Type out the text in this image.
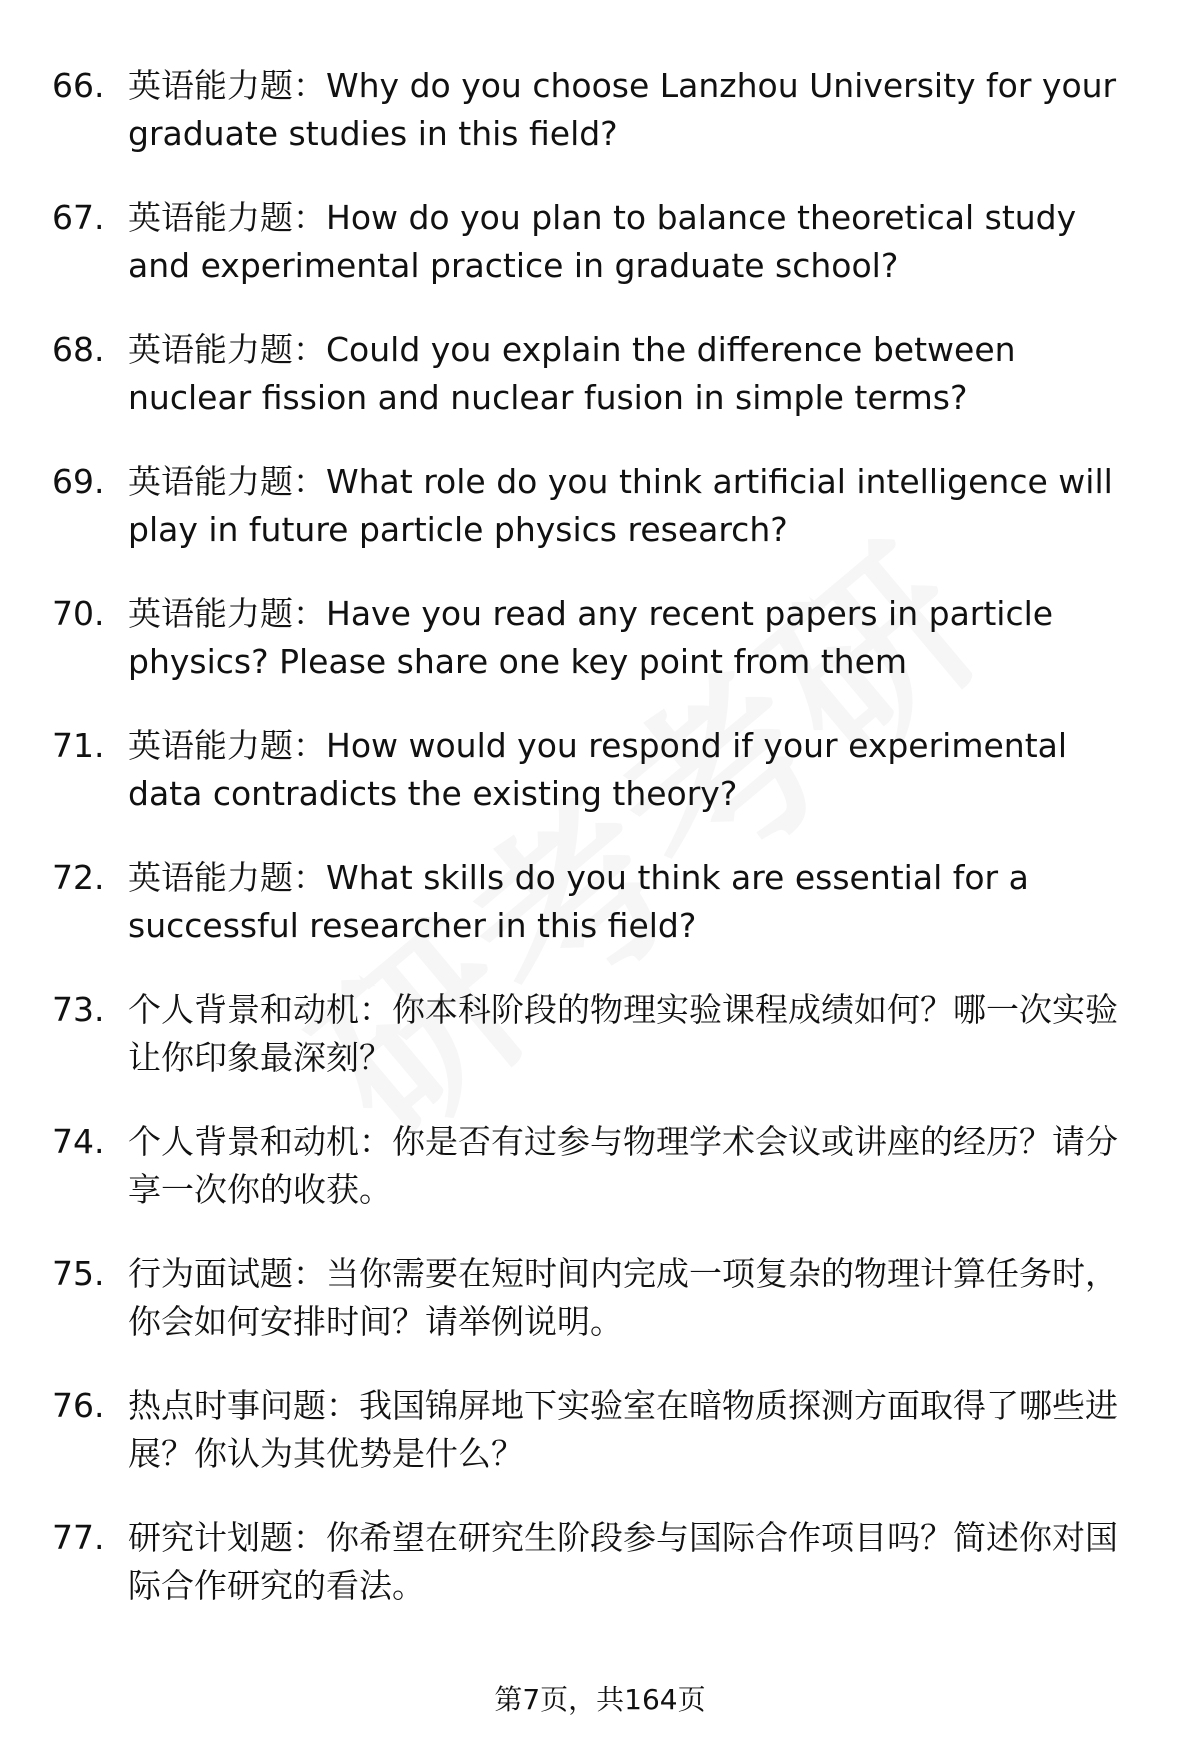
66. 英语能力题：Why do you choose Lanzhou University for your graduate studies in this field?
67. 英语能力题：How do you plan to balance theoretical study and experimental practice in graduate school?
68. 英语能力题：Could you explain the difference between nuclear fission and nuclear fusion in simple terms?
69. 英语能力题：What role do you think artificial intelligence will play in future particle physics research?
70. 英语能力题：Have you read any recent papers in particle physics? Please share one key point from them
71. 英语能力题：How would you respond if your experimental data contradicts the existing theory?
72. 英语能力题：What skills do you think are essential for a successful researcher in this field?
73. 个人背景和动机：你本科阶段的物理实验课程成绩如何？哪一次实验让你印象最深刻？
74. 个人背景和动机：你是否有过参与物理学术会议或讲座的经历？请分享一次你的收获。
75. 行为面试题：当你需要在短时间内完成一项复杂的物理计算任务时，你会如何安排时间？请举例说明。
76. 热点时事问题：我国锦屏地下实验室在暗物质探测方面取得了哪些进展？你认为其优势是什么？
77. 研究计划题：你希望在研究生阶段参与国际合作项目吗？简述你对国际合作研究的看法。
第7页，共164页
